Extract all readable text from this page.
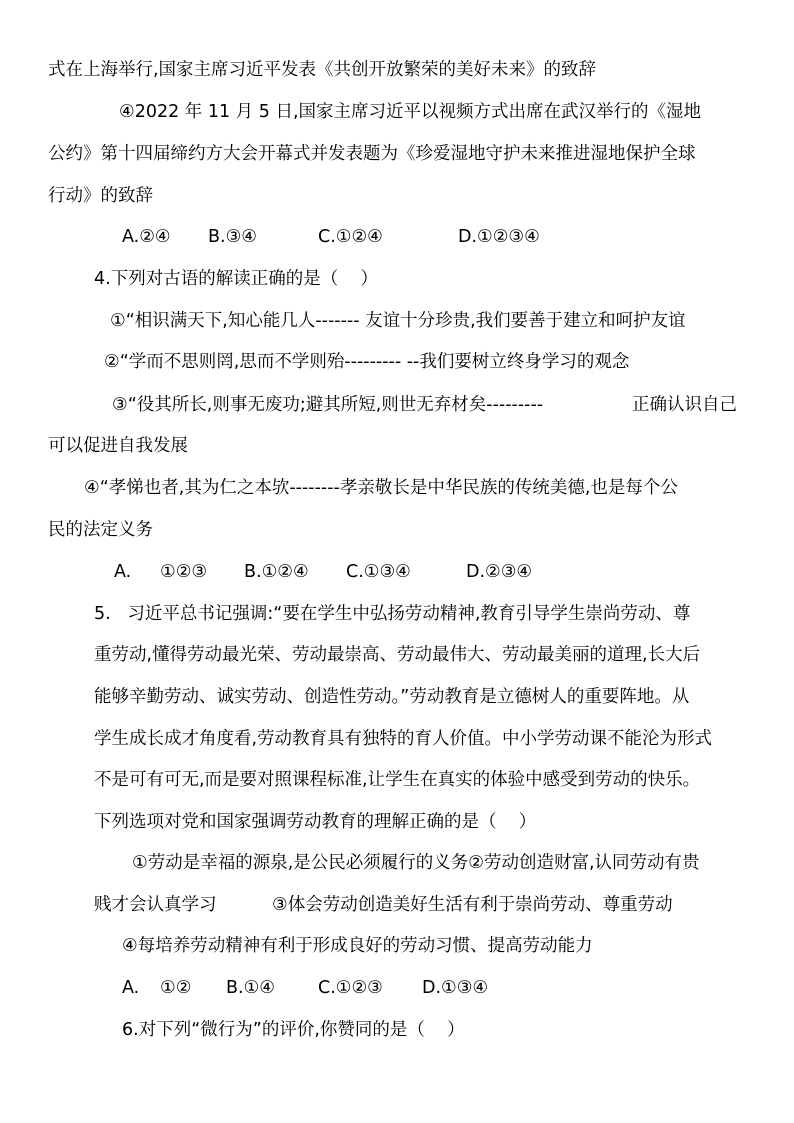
式在上海举行,国家主席习近平发表《共创开放繁荣的美好未来》的致辞
④2022 年 11 月 5 日,国家主席习近平以视频方式出席在武汉举行的《湿地
公约》第十四届缔约方大会开幕式并发表题为《珍爱湿地守护未来推进湿地保护全球
行动》的致辞
A.②④ B.③④	C.①②④	D.①②③④
4.下列对古语的解读正确的是（    ）
①“相识满天下,知心能几人------- 友谊十分珍贵,我们要善于建立和呵护友谊
②“学而不思则罔,思而不学则殆--------- --我们要树立终身学习的观念
③“役其所长,则事无废功;避其所短,则世无弃材矣---------	正确认识自己
可以促进自我发展
④“孝悌也者,其为仁之本欤--------孝亲敬长是中华民族的传统美德,也是每个公
民的法定义务
A. ①②③ B.①②④ C.①③④	D.②③④
5.   习近平总书记强调:“要在学生中弘扬劳动精神,教育引导学生崇尚劳动、尊
重劳动,懂得劳动最光荣、劳动最崇高、劳动最伟大、劳动最美丽的道理,长大后
能够辛勤劳动、诚实劳动、创造性劳动。”劳动教育是立德树人的重要阵地。从
学生成长成才角度看,劳动教育具有独特的育人价值。中小学劳动课不能沦为形式
不是可有可无,而是要对照课程标准,让学生在真实的体验中感受到劳动的快乐。
下列选项对党和国家强调劳动教育的理解正确的是（    ）
①劳动是幸福的源泉,是公民必须履行的义务②劳动创造财富,认同劳动有贵
贱才会认真学习	③体会劳动创造美好生活有利于崇尚劳动、尊重劳动
④每培养劳动精神有利于形成良好的劳动习惯、提高劳动能力
A. ①② B.①④ C.①②③ D.①③④
6.对下列“微行为”的评价,你赞同的是（    ）
